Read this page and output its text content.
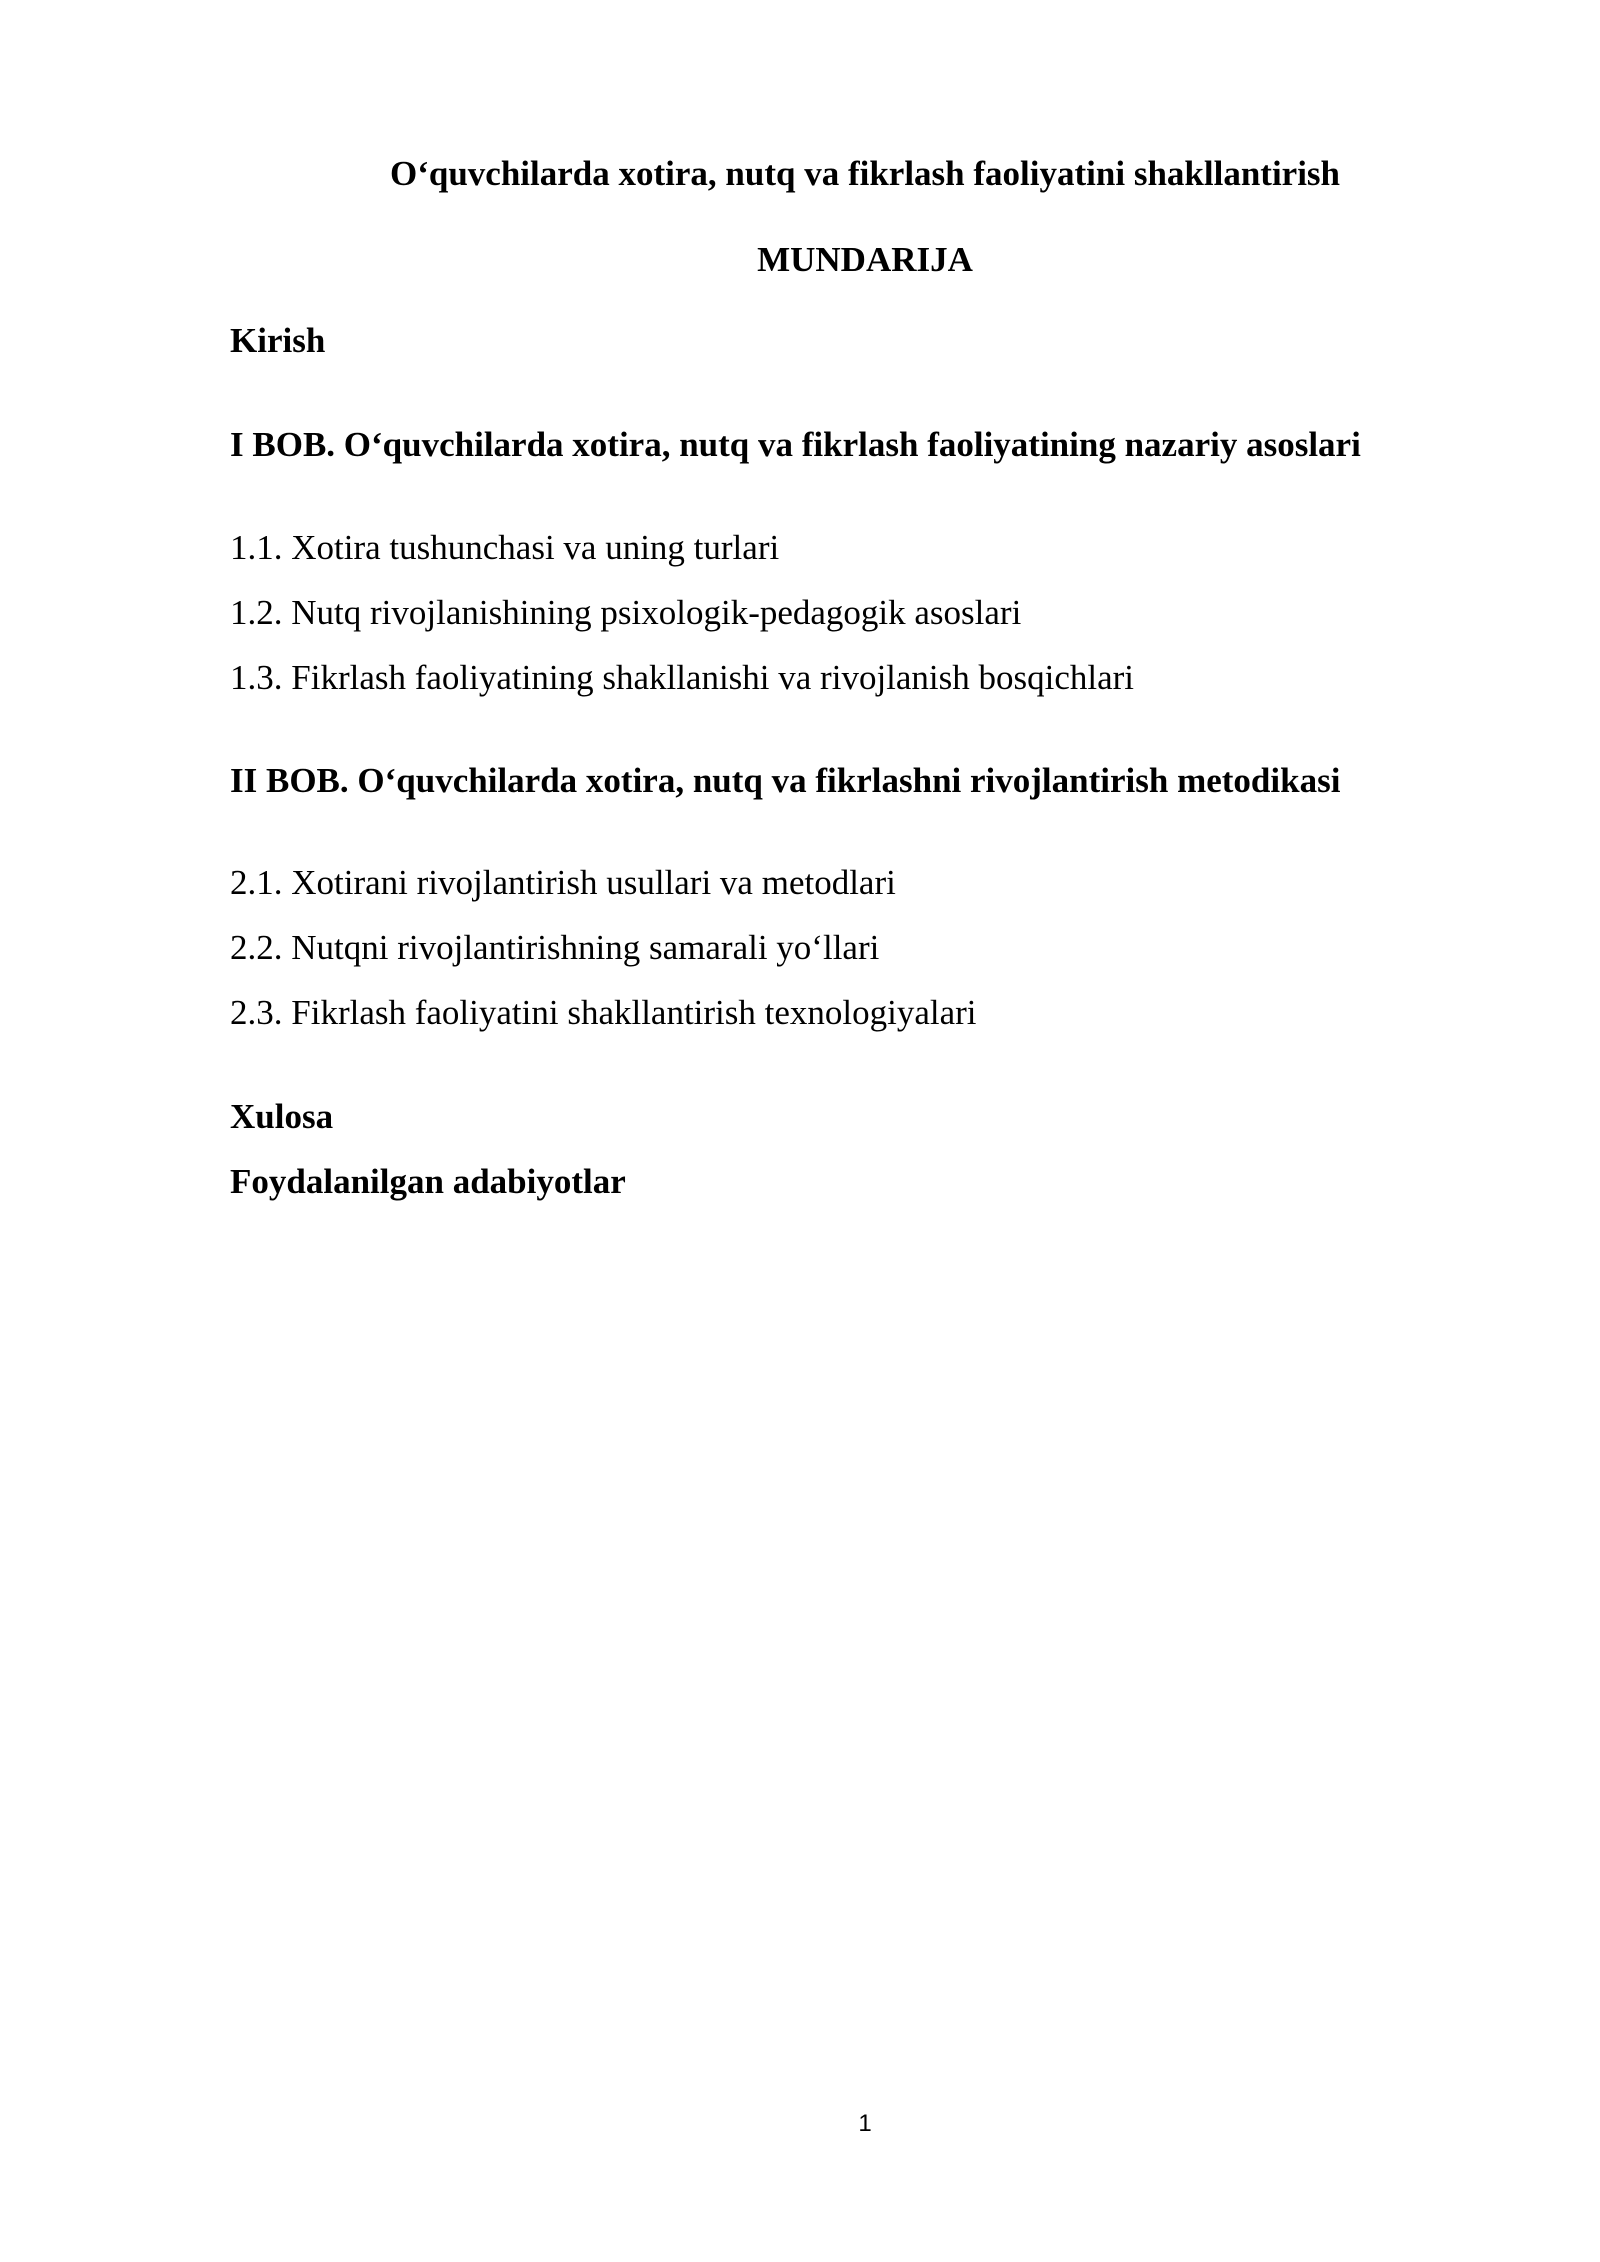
O‘quvchilarda xotira, nutq va fikrlash faoliyatini shakllantirish
MUNDARIJA
Kirish
I BOB. O‘quvchilarda xotira, nutq va fikrlash faoliyatining nazariy asoslari
1.1. Xotira tushunchasi va uning turlari
1.2. Nutq rivojlanishining psixologik-pedagogik asoslari
1.3. Fikrlash faoliyatining shakllanishi va rivojlanish bosqichlari
II BOB. O‘quvchilarda xotira, nutq va fikrlashni rivojlantirish metodikasi
2.1. Xotirani rivojlantirish usullari va metodlari
2.2. Nutqni rivojlantirishning samarali yo‘llari
2.3. Fikrlash faoliyatini shakllantirish texnologiyalari
Xulosa
Foydalanilgan adabiyotlar
1
